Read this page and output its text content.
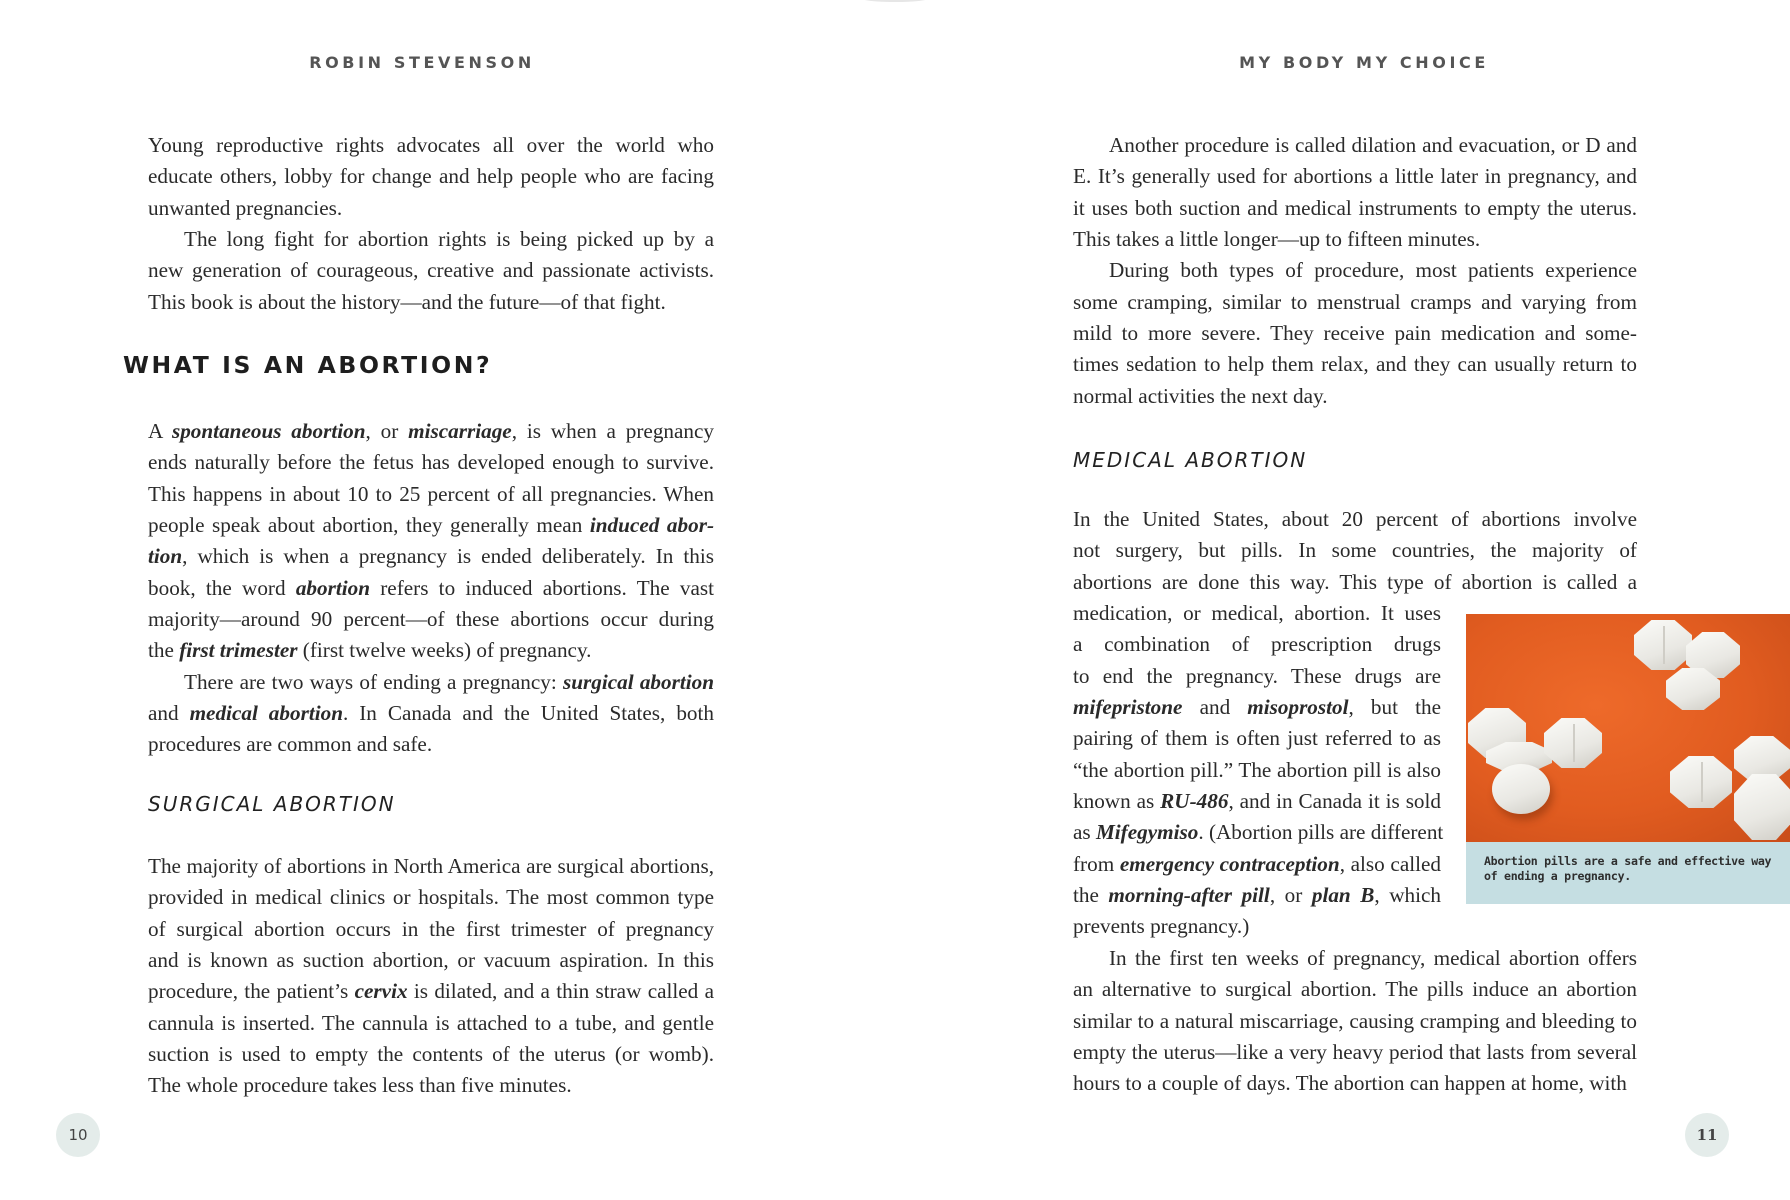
ROBIN STEVENSON
Young reproductive rights advocates all over the world who
educate others, lobby for change and help people who are facing
unwanted pregnancies.
The long fight for abortion rights is being picked up by a
new generation of courageous, creative and passionate activists.
This book is about the history—and the future—of that fight.
WHAT IS AN ABORTION?
A spontaneous abortion, or miscarriage, is when a pregnancy
ends naturally before the fetus has developed enough to survive.
This happens in about 10 to 25 percent of all pregnancies. When
people speak about abortion, they generally mean induced abor-
tion, which is when a pregnancy is ended deliberately. In this
book, the word abortion refers to induced abortions. The vast
majority—around 90 percent—of these abortions occur during
the first trimester (first twelve weeks) of pregnancy.
There are two ways of ending a pregnancy: surgical abortion
and medical abortion. In Canada and the United States, both
procedures are common and safe.
SURGICAL ABORTION
The majority of abortions in North America are surgical abortions,
provided in medical clinics or hospitals. The most common type
of surgical abortion occurs in the first trimester of pregnancy
and is known as suction abortion, or vacuum aspiration. In this
procedure, the patient’s cervix is dilated, and a thin straw called a
cannula is inserted. The cannula is attached to a tube, and gentle
suction is used to empty the contents of the uterus (or womb).
The whole procedure takes less than five minutes.
10
MY BODY MY CHOICE
Another procedure is called dilation and evacuation, or D and
E. It’s generally used for abortions a little later in pregnancy, and
it uses both suction and medical instruments to empty the uterus.
This takes a little longer—up to fifteen minutes.
During both types of procedure, most patients experience
some cramping, similar to menstrual cramps and varying from
mild to more severe. They receive pain medication and some-
times sedation to help them relax, and they can usually return to
normal activities the next day.
MEDICAL ABORTION
In the United States, about 20 percent of abortions involve
not surgery, but pills. In some countries, the majority of
abortions are done this way. This type of abortion is called a
medication, or medical, abortion. It uses
a combination of prescription drugs
to end the pregnancy. These drugs are
mifepristone and misoprostol, but the
pairing of them is often just referred to as
“the abortion pill.” The abortion pill is also
known as RU-486, and in Canada it is sold
as Mifegymiso. (Abortion pills are different
from emergency contraception, also called
the morning-after pill, or plan B, which
prevents pregnancy.)
In the first ten weeks of pregnancy, medical abortion offers
an alternative to surgical abortion. The pills induce an abortion
similar to a natural miscarriage, causing cramping and bleeding to
empty the uterus—like a very heavy period that lasts from several
hours to a couple of days. The abortion can happen at home, with
Abortion pills are a safe and effective way of ending a pregnancy.
11
